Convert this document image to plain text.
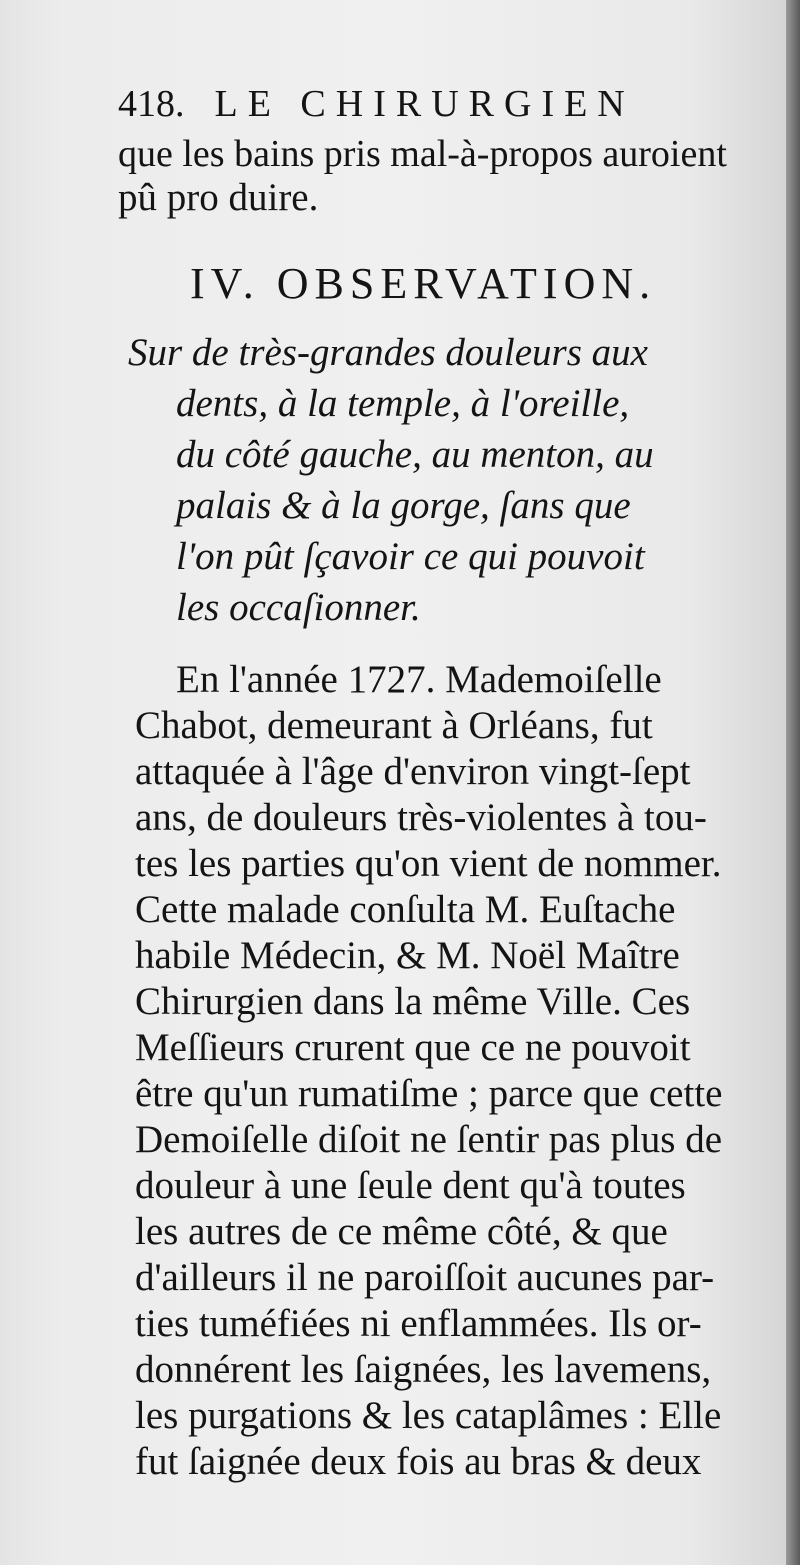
418. LE CHIRURGIEN
que les bains pris mal-à-propos auroient
pû pro duire.
IV. OBSERVATION.
Sur de très-grandes douleurs aux
dents, à la temple, à l'oreille,
du côté gauche, au menton, au
palais & à la gorge, ſans que
l'on pût ſçavoir ce qui pouvoit
les occaſionner.
En l'année 1727. Mademoiſelle
Chabot, demeurant à Orléans, fut
attaquée à l'âge d'environ vingt-ſept
ans, de douleurs très-violentes à tou-
tes les parties qu'on vient de nommer.
Cette malade conſulta M. Euſtache
habile Médecin, & M. Noël Maître
Chirurgien dans la même Ville. Ces
Meſſieurs crurent que ce ne pouvoit
être qu'un rumatiſme ; parce que cette
Demoiſelle diſoit ne ſentir pas plus de
douleur à une ſeule dent qu'à toutes
les autres de ce même côté, & que
d'ailleurs il ne paroiſſoit aucunes par-
ties tuméfiées ni enflammées. Ils or-
donnérent les ſaignées, les lavemens,
les purgations & les cataplâmes : Elle
fut ſaignée deux fois au bras & deux
